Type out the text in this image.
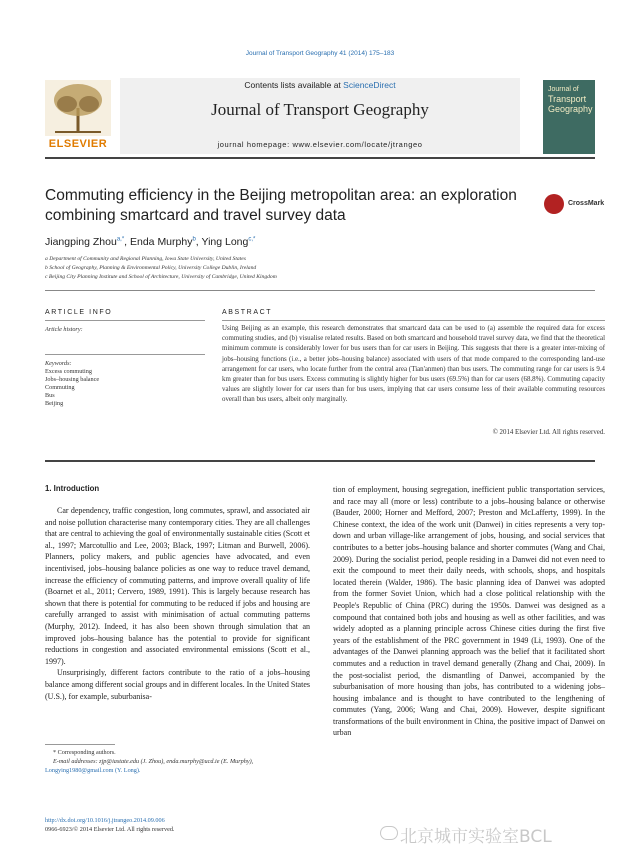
Journal of Transport Geography 41 (2014) 175–183
Contents lists available at ScienceDirect
Journal of Transport Geography
journal homepage: www.elsevier.com/locate/jtrangeo
ELSEVIER
Journal of
Transport
Geography
Commuting efficiency in the Beijing metropolitan area: an exploration combining smartcard and travel survey data
CrossMark
Jiangping Zhou$^{a,*}$, Enda Murphy$^b$, Ying Long$^{c,*}$
a Department of Community and Regional Planning, Iowa State University, United States
b School of Geography, Planning & Environmental Policy, University College Dublin, Ireland
c Beijing City Planning Institute and School of Architecture, University of Cambridge, United Kingdom
ARTICLE INFO
Article history:
Keywords:
Excess commuting
Jobs–housing balance
Commuting
Bus
Beijing
ABSTRACT
Using Beijing as an example, this research demonstrates that smartcard data can be used to (a) assemble the required data for excess commuting studies, and (b) visualise related results. Based on both smartcard and household travel survey data, we find that the theoretical minimum commute is considerably lower for bus users than for car users in Beijing. This suggests that there is a greater inter-mixing of jobs–housing functions (i.e., a better jobs–housing balance) associated with users of that mode compared to the corresponding land-use arrangement for car users, who locate further from the central area (Tian'anmen) than bus users. The commuting range for car users is 9.4 km greater than for bus users. Excess commuting is slightly higher for bus users (69.5%) than for car users (68.8%). Commuting capacity values are slightly lower for car users than for bus users, implying that car users consume less of their available commuting resources overall than bus users, albeit only marginally.
© 2014 Elsevier Ltd. All rights reserved.
1. Introduction

Car dependency, traffic congestion, long commutes, sprawl, and associated air and noise pollution characterise many contemporary cities. They are all challenges that are central to achieving the goal of environmentally sustainable cities (Scott et al., 1997; Marcotullio and Lee, 2003; Black, 1997; Litman and Burwell, 2006). Planners, policy makers, and public agencies have advocated, and even incentivised, jobs–housing balance policies as one way to reduce travel demand, increase the efficiency of commuting patterns, and improve overall quality of life (Boarnet et al., 2011; Cervero, 1989, 1991). This is largely because research has shown that there is potential for commuting to be reduced if jobs and housing are carefully arranged to assist with minimisation of actual commuting patterns (Murphy, 2012). Indeed, it has also been shown through simulation that an improved jobs–housing balance has the potential to provide for significant reductions in congestion and associated environmental emissions (Scott et al., 1997).

Unsurprisingly, different factors contribute to the ratio of a jobs–housing balance among different social groups and in different locales. In the United States (U.S.), for example, suburbanisa-

tion of employment, housing segregation, inefficient public transportation services, and race may all (more or less) contribute to a jobs–housing balance or otherwise (Bauder, 2000; Horner and Mefford, 2007; Preston and McLafferty, 1999). In the Chinese context, the idea of the work unit (Danwei) in cities represents a very top-down and urban village-like arrangement of jobs, housing, and social services that contributes to a better jobs–housing balance and shorter commutes (Wang and Chai, 2009). During the socialist period, people residing in a Danwei did not even need to exit the compound to meet their daily needs, with schools, shops, and hospitals located therein (Walder, 1986). The basic planning idea of Danwei was adopted from the former Soviet Union, which had a close political relationship with the People's Republic of China (PRC) during the 1950s. Danwei was designed as a compound that contained both jobs and housing as well as other facilities, and was widely adopted as a planning principle across Chinese cities during the first five years of the establishment of the PRC government in 1949 (Li, 1993). One of the advantages of the Danwei planning approach was the belief that it facilitated short commutes and a reduction in travel demand generally (Zhang and Chai, 2009). In the post-socialist period, the dismantling of Danwei, accompanied by the suburbanisation of more housing than jobs, has contributed to a widening jobs–housing imbalance and is thought to have contributed to the lengthening of commutes (Yang, 2006; Wang and Chai, 2009). However, despite significant transformations of the built environment in China, the positive impact of Danwei on urban

* Corresponding authors.
E-mail addresses: zjp@iastate.edu (J. Zhou), enda.murphy@ucd.ie (E. Murphy),
Longying1980@gmail.com (Y. Long).
http://dx.doi.org/10.1016/j.jtrangeo.2014.09.006
0966-6923/© 2014 Elsevier Ltd. All rights reserved.	北京城市实验室BCL
